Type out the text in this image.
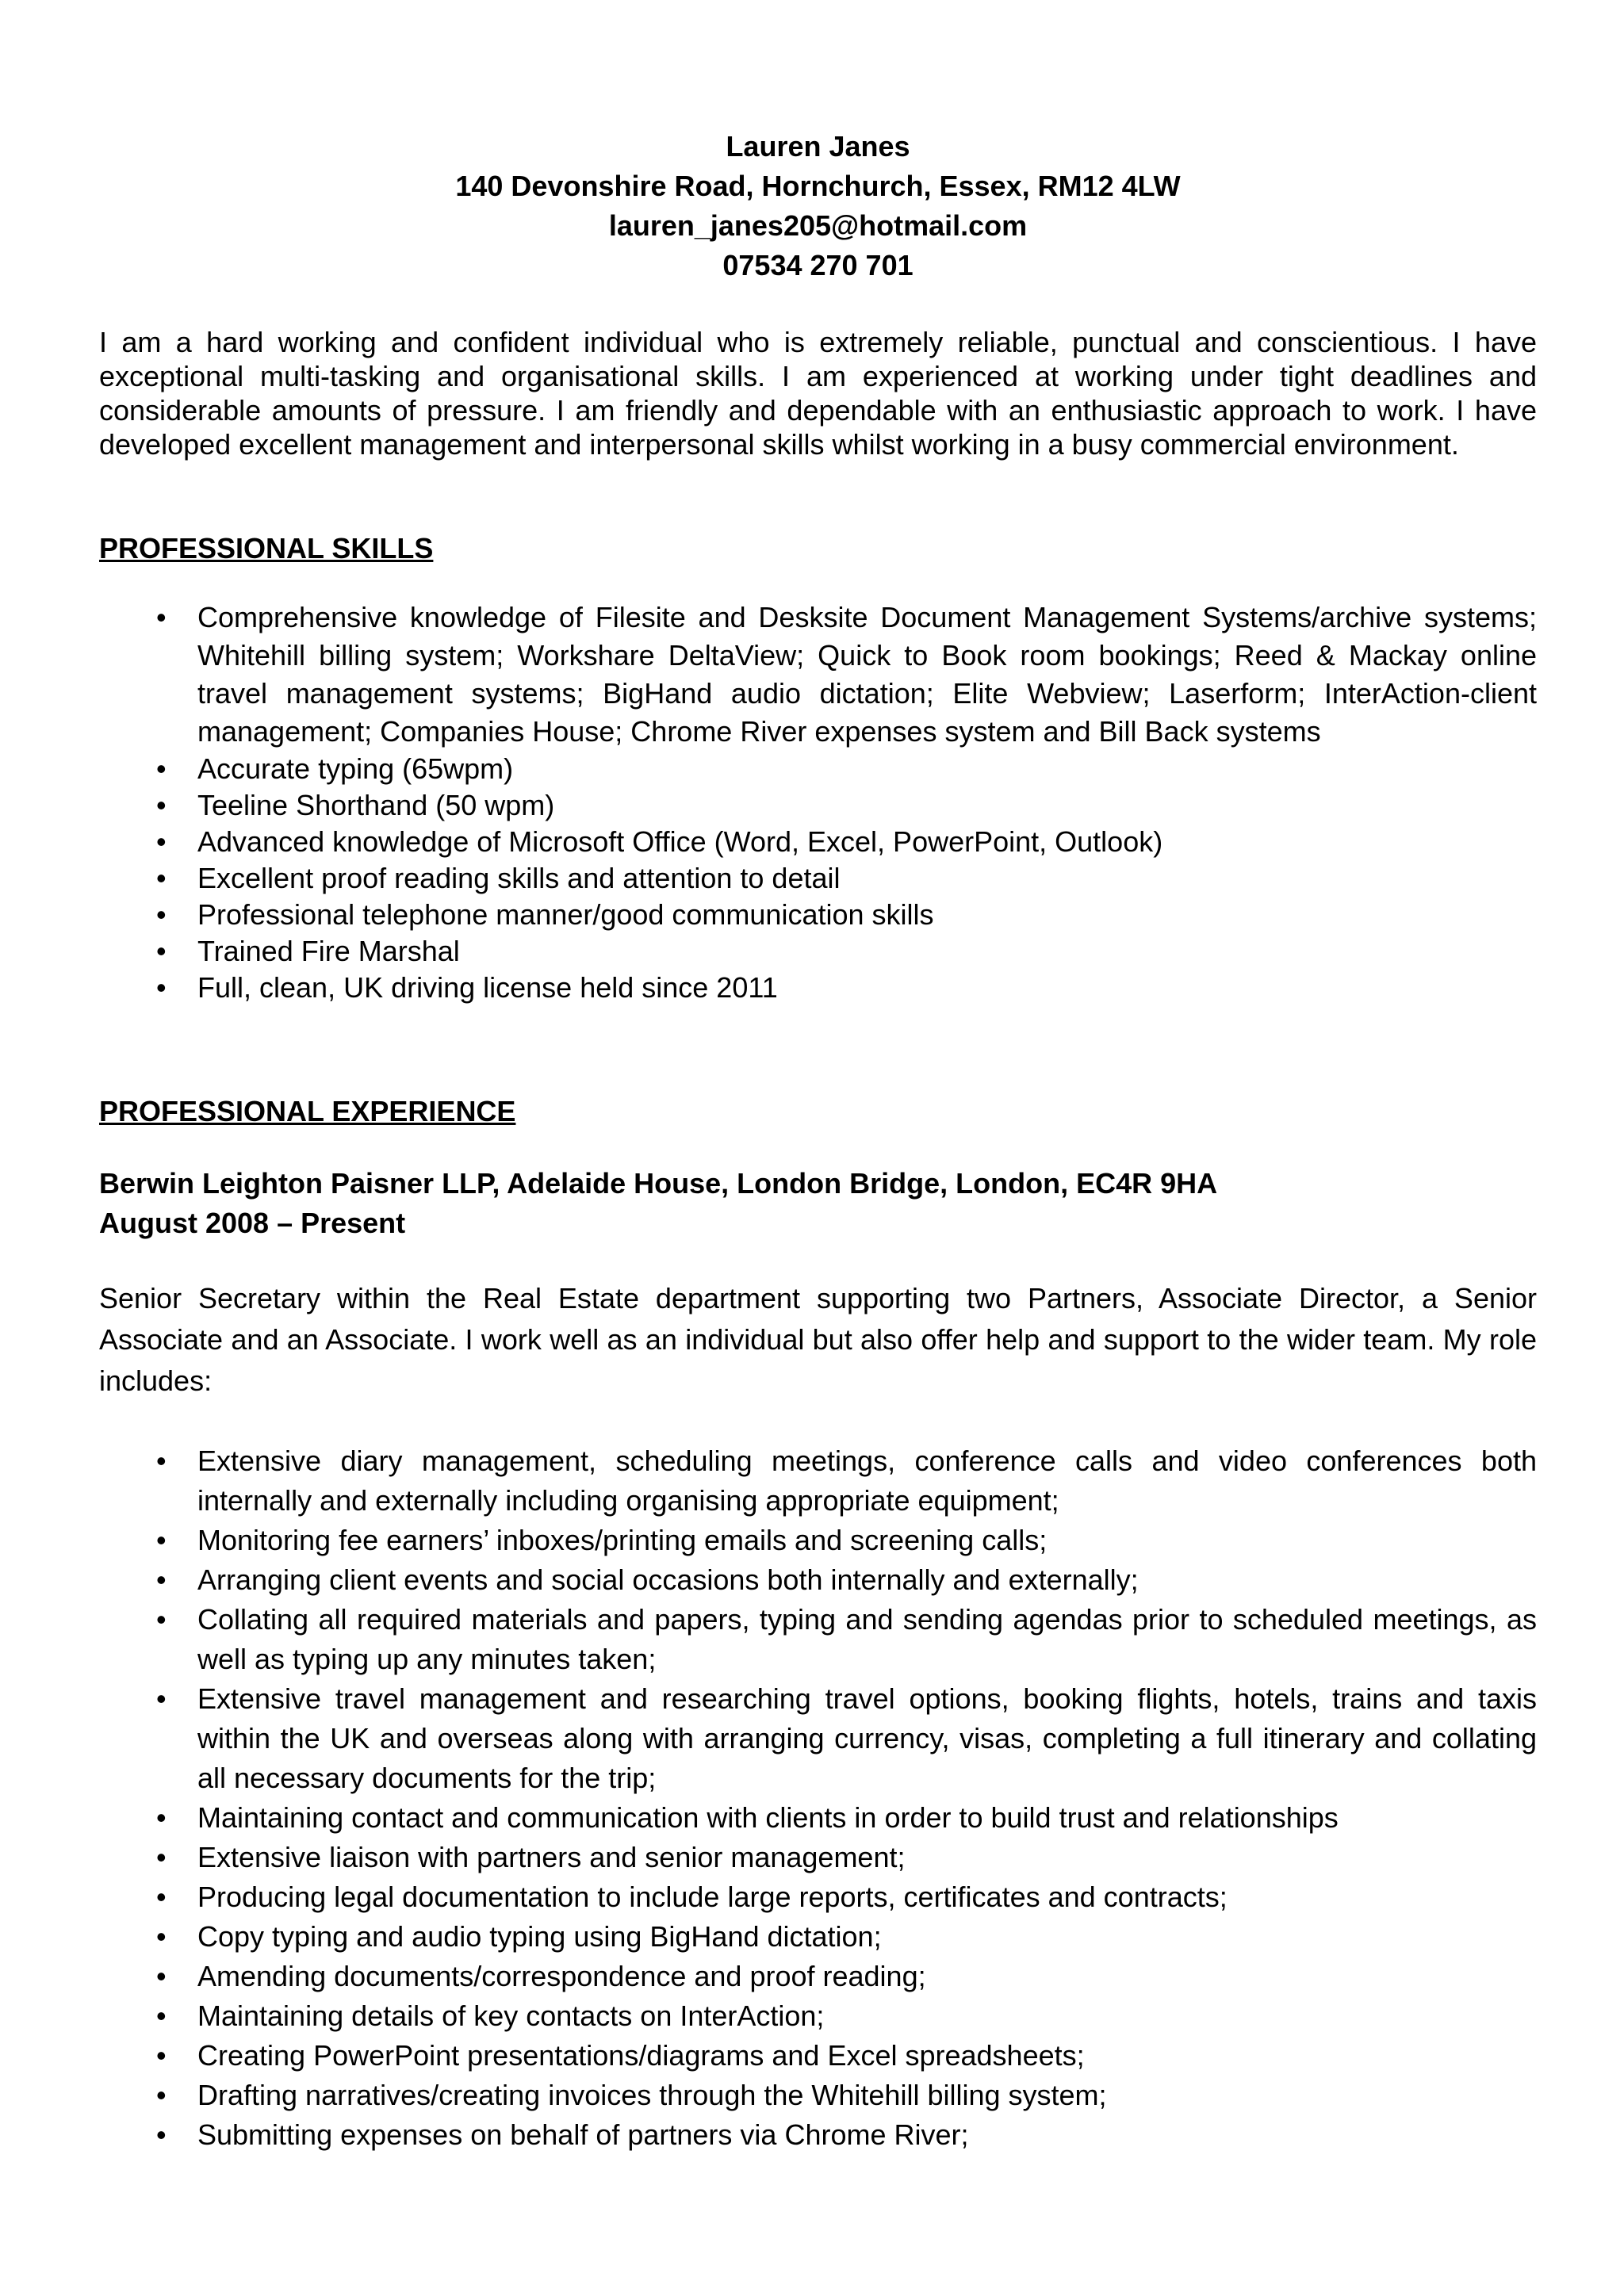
Lauren Janes
140 Devonshire Road, Hornchurch, Essex, RM12 4LW
lauren_janes205@hotmail.com
07534 270 701

I am a hard working and confident individual who is extremely reliable, punctual and conscientious. I have exceptional multi-tasking and organisational skills. I am experienced at working under tight deadlines and considerable amounts of pressure. I am friendly and dependable with an enthusiastic approach to work. I have developed excellent management and interpersonal skills whilst working in a busy commercial environment.

PROFESSIONAL SKILLS
• Comprehensive knowledge of Filesite and Desksite Document Management Systems/archive systems; Whitehill billing system; Workshare DeltaView; Quick to Book room bookings; Reed & Mackay online travel management systems; BigHand audio dictation; Elite Webview; Laserform; InterAction-client management; Companies House; Chrome River expenses system and Bill Back systems
• Accurate typing (65wpm)
• Teeline Shorthand (50 wpm)
• Advanced knowledge of Microsoft Office (Word, Excel, PowerPoint, Outlook)
• Excellent proof reading skills and attention to detail
• Professional telephone manner/good communication skills
• Trained Fire Marshal
• Full, clean, UK driving license held since 2011
PROFESSIONAL EXPERIENCE
Berwin Leighton Paisner LLP, Adelaide House, London Bridge, London, EC4R 9HA
August 2008 – Present

Senior Secretary within the Real Estate department supporting two Partners, Associate Director, a Senior Associate and an Associate. I work well as an individual but also offer help and support to the wider team. My role includes:

• Extensive diary management, scheduling meetings, conference calls and video conferences both internally and externally including organising appropriate equipment;
• Monitoring fee earners’ inboxes/printing emails and screening calls;
• Arranging client events and social occasions both internally and externally;
• Collating all required materials and papers, typing and sending agendas prior to scheduled meetings, as well as typing up any minutes taken;
• Extensive travel management and researching travel options, booking flights, hotels, trains and taxis within the UK and overseas along with arranging currency, visas, completing a full itinerary and collating all necessary documents for the trip;
• Maintaining contact and communication with clients in order to build trust and relationships
• Extensive liaison with partners and senior management;
• Producing legal documentation to include large reports, certificates and contracts;
• Copy typing and audio typing using BigHand dictation;
• Amending documents/correspondence and proof reading;
• Maintaining details of key contacts on InterAction;
• Creating PowerPoint presentations/diagrams and Excel spreadsheets;
• Drafting narratives/creating invoices through the Whitehill billing system;
• Submitting expenses on behalf of partners via Chrome River;
